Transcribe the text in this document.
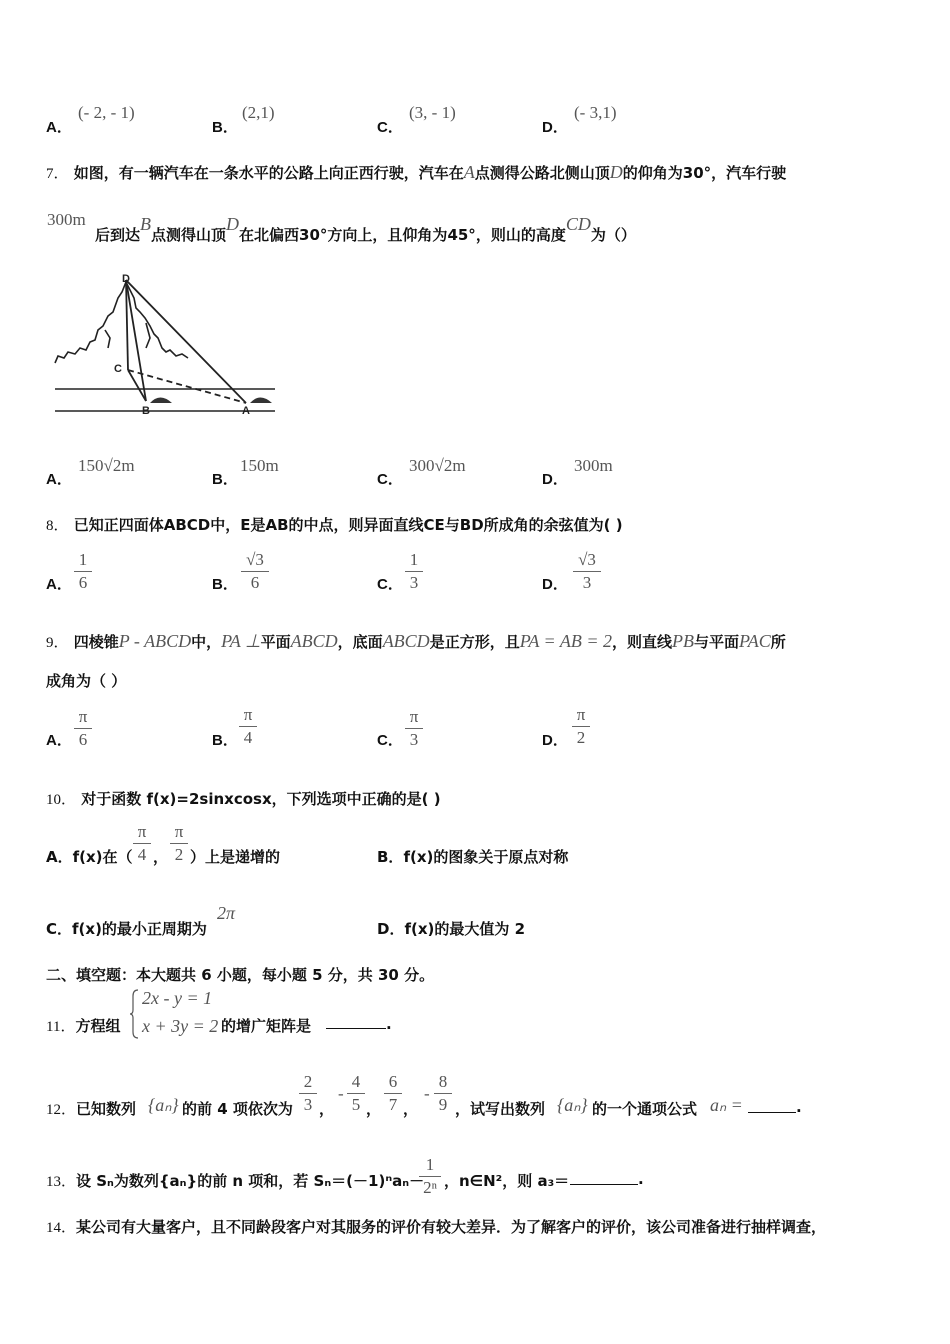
A．
(- 2, - 1)
B．
(2,1)
C．
(3, - 1)
D．
(- 3,1)
7． 如图，有一辆汽车在一条水平的公路上向正西行驶，汽车在A点测得公路北侧山顶D的仰角为30°，汽车行驶
300m
后到达B点测得山顶D在北偏西30°方向上，且仰角为45°，则山的高度CD为（）
D
C
B	A
A．
150√2m
B．
150m
C．
300√2m
D．
300m
8． 已知正四面体ABCD中，E是AB的中点，则异面直线CE与BD所成角的余弦值为( )
A．
1
6	B．
√3
6	C．
1
3	D．
√3
3
9． 四棱锥P - ABCD中，PA ⊥平面ABCD，底面ABCD是正方形，且PA = AB = 2，则直线PB与平面PAC所
成角为（ ）
A．
π
6	B．
π
4	C．
π
3	D．
π
2
10． 对于函数 f(x)=2sinxcosx，下列选项中正确的是( )
A．f(x)在（
π
4 ，
π
2 ）上是递增的	B．f(x)的图象关于原点对称
C．f(x)的最小正周期为
2π
D．f(x)的最大值为 2
二、填空题：本大题共 6 小题，每小题 5 分，共 30 分。
11．方程组
2x - y = 1
x + 3y = 2 的增广矩阵是	.
12．已知数列 {aₙ} 的前 4 项依次为
2
3 ，
-
4
5 ，
6
7 ，
-
8
9 ，试写出数列 {aₙ} 的一个通项公式 aₙ =	.
13．设 Sₙ为数列{aₙ}的前 n 项和，若 Sₙ＝(－1)ⁿaₙ－
1
2ⁿ ，n∈N²，则 a₃＝	.
14．某公司有大量客户，且不同龄段客户对其服务的评价有较大差异．为了解客户的评价，该公司准备进行抽样调查，
